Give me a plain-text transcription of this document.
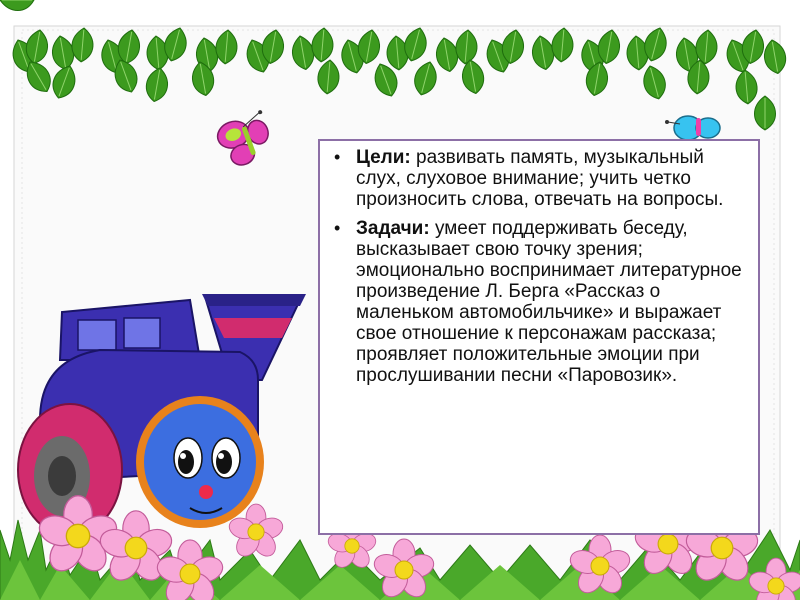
• Цели: развивать память, музыкальный слух, слуховое внимание; учить четко произносить слова, отвечать на вопросы.
• Задачи: умеет поддерживать беседу, высказывает свою точку зрения; эмоционально воспринимает литературное произведение Л. Берга «Рассказ о маленьком автомобильчике» и выражает свое отношение к персонажам рассказа; проявляет положительные эмоции при прослушивании песни «Паровозик».
